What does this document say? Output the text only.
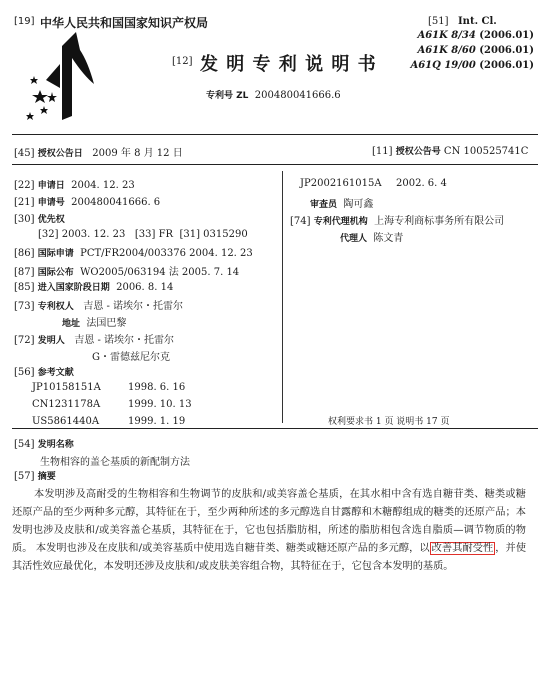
[19] 中华人民共和国国家知识产权局	[51] Int. Cl.
A61K 8/34 (2006.01)
A61K 8/60 (2006.01)
A61Q 19/00 (2006.01)
[12] 发 明 专 利 说 明 书
专利号 ZL 200480041666.6
[45] 授权公告日 2009 年 8 月 12 日	[11] 授权公告号 CN 100525741C
[22] 申请日 2004. 12. 23
[21] 申请号 200480041666. 6
[30] 优先权
[32] 2003. 12. 23 [33] FR [31] 0315290
[86] 国际申请 PCT/FR2004/003376 2004. 12. 23
[87] 国际公布 WO2005/063194 法 2005. 7. 14
[85] 进入国家阶段日期 2006. 8. 14
[73] 专利权人 吉恩 - 诺埃尔・托雷尔
地址 法国巴黎
[72] 发明人 吉恩 - 诺埃尔・托雷尔
G・雷德兹尼尔克
[56] 参考文献
JP10158151A	1998. 6. 16
CN1231178A	1999. 10. 13
US5861440A	1999. 1. 19
JP2002161015A 2002. 6. 4
审查员 陶可鑫
[74] 专利代理机构 上海专利商标事务所有限公司
代理人 陈文青
权利要求书 1 页 说明书 17 页
[54] 发明名称
生物相容的盖仑基质的新配制方法
[57] 摘要
本发明涉及高耐受的生物相容和生物调节的皮肤和/或美容盖仑基质，在其水相中含有选自糖苷类、糖类或糖还原产品的至少两种多元醇，其特征在于，至少两种所述的多元醇选自甘露醇和木糖醇组成的糖类的还原产品；本发明也涉及皮肤和/或美容盖仑基质，其特征在于，它也包括脂肪相，所述的脂肪相包含选自脂质—调节物质的物质。 本发明也涉及在皮肤和/或美容基质中使用选自糖苷类、糖类或糖还原产品的多元醇，以 改善其耐受性 ，并使其活性效应最优化，本发明还涉及皮肤和/或皮肤美容组合物，其特征在于，它包含本发明的基质。
